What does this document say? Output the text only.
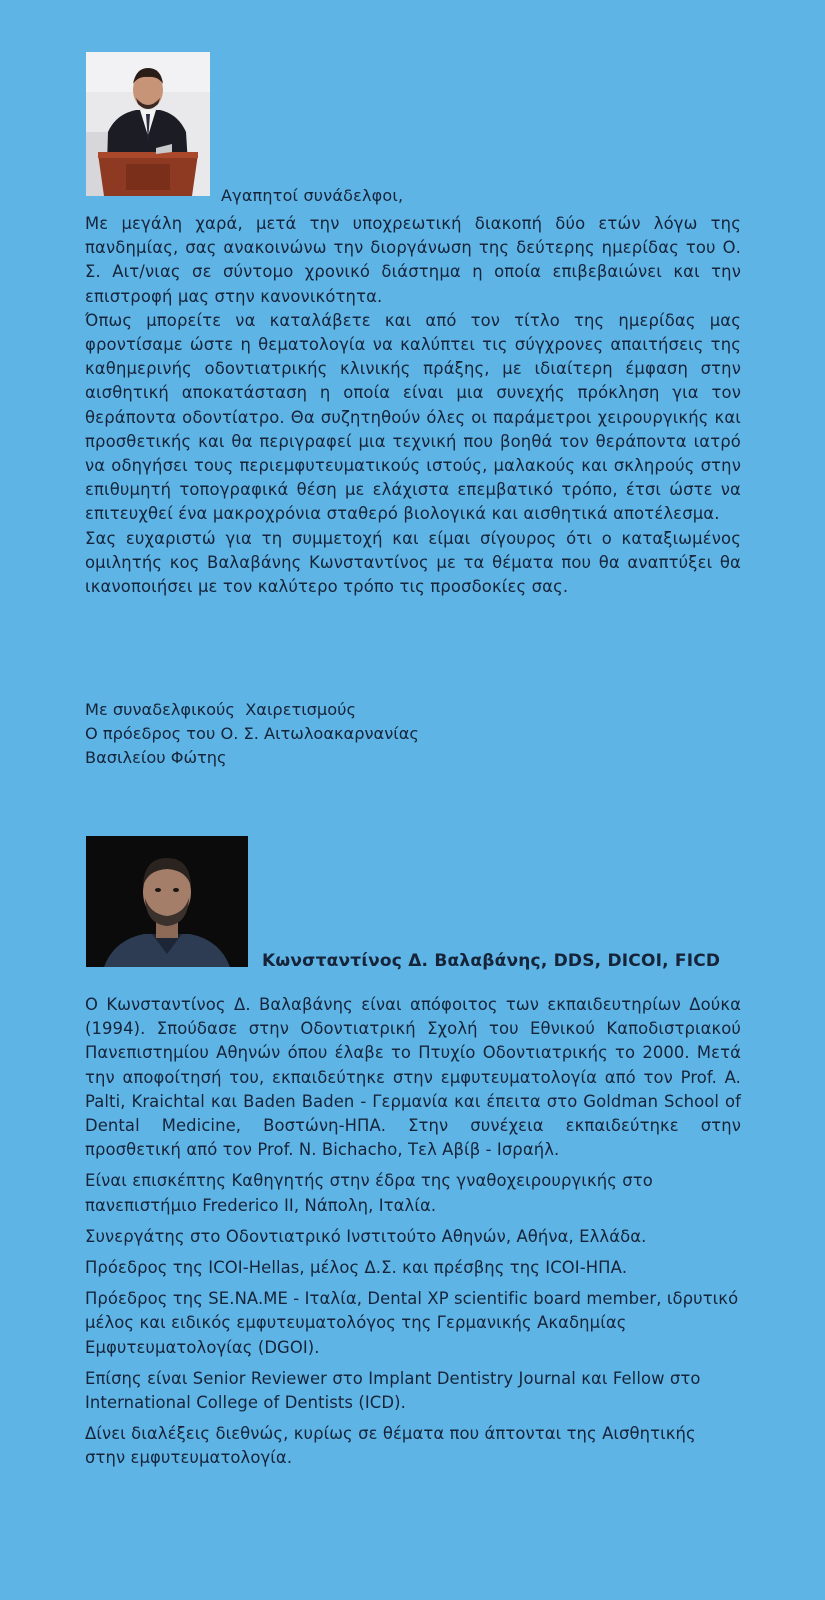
Αγαπητοί συνάδελφοι,

Με μεγάλη χαρά, μετά την υποχρεωτική διακοπή δύο ετών λόγω της πανδημίας, σας ανακοινώνω την διοργάνωση της δεύτερης ημερίδας του Ο. Σ. Αιτ/νιας σε σύντομο χρονικό διάστημα η οποία επιβεβαιώνει και την επιστροφή μας στην κανονικότητα.

Όπως μπορείτε να καταλάβετε και από τον τίτλο της ημερίδας μας φροντίσαμε ώστε η θεματολογία να καλύπτει τις σύγχρονες απαιτήσεις της καθημερινής οδοντιατρικής κλινικής πράξης, με ιδιαίτερη έμφαση στην αισθητική αποκατάσταση η οποία είναι μια συνεχής πρόκληση για τον θεράποντα οδοντίατρο. Θα συζητηθούν όλες οι παράμετροι χειρουργικής και προσθετικής και θα περιγραφεί μια τεχνική που βοηθά τον θεράποντα ιατρό να οδηγήσει τους περιεμφυτευματικούς ιστούς, μαλακούς και σκληρούς στην επιθυμητή τοπογραφικά θέση με ελάχιστα επεμβατικό τρόπο, έτσι ώστε να επιτευχθεί ένα μακροχρόνια σταθερό βιολογικά και αισθητικά αποτέλεσμα.

Σας ευχαριστώ για τη συμμετοχή και είμαι σίγουρος ότι ο καταξιωμένος ομιλητής κος Βαλαβάνης Κωνσταντίνος με τα θέματα που θα αναπτύξει θα ικανοποιήσει με τον καλύτερο τρόπο τις προσδοκίες σας.

Με συναδελφικούς  Χαιρετισμούς
Ο πρόεδρος του Ο. Σ. Αιτωλοακαρνανίας
Βασιλείου Φώτης
Κωνσταντίνος Δ. Βαλαβάνης, DDS, DICOI, FICD

Ο Κωνσταντίνος Δ. Βαλαβάνης είναι απόφοιτος των εκπαιδευτηρίων Δούκα (1994). Σπούδασε στην Οδοντιατρική Σχολή του Εθνικού Καποδιστριακού Πανεπιστημίου Αθηνών όπου έλαβε το Πτυχίο Οδοντιατρικής το 2000. Μετά την αποφοίτησή του, εκπαιδεύτηκε στην εμφυτευματολογία από τον Prof. A. Palti, Kraichtal και Baden Baden - Γερμανία και έπειτα στο Goldman School of Dental Medicine, Βοστώνη-ΗΠΑ. Στην συνέχεια εκπαιδεύτηκε στην προσθετική από τον Prof. N. Bichacho, Τελ Αβίβ - Ισραήλ.

Είναι επισκέπτης Καθηγητής στην έδρα της γναθοχειρουργικής στο πανεπιστήμιο Frederico II, Νάπολη, Ιταλία.

Συνεργάτης στο Οδοντιατρικό Ινστιτούτο Αθηνών, Αθήνα, Ελλάδα.

Πρόεδρος της ICOI-Hellas, μέλος Δ.Σ. και πρέσβης της ICOI-ΗΠΑ.

Πρόεδρος της SE.NA.ME - Ιταλία, Dental XP scientific board member, ιδρυτικό μέλος και ειδικός εμφυτευματολόγος της Γερμανικής Ακαδημίας Εμφυτευματολογίας (DGOI).

Επίσης είναι Senior Reviewer στο Implant Dentistry Journal και Fellow στο International College of Dentists (ICD).

Δίνει διαλέξεις διεθνώς, κυρίως σε θέματα που άπτονται της Αισθητικής στην εμφυτευματολογία.
